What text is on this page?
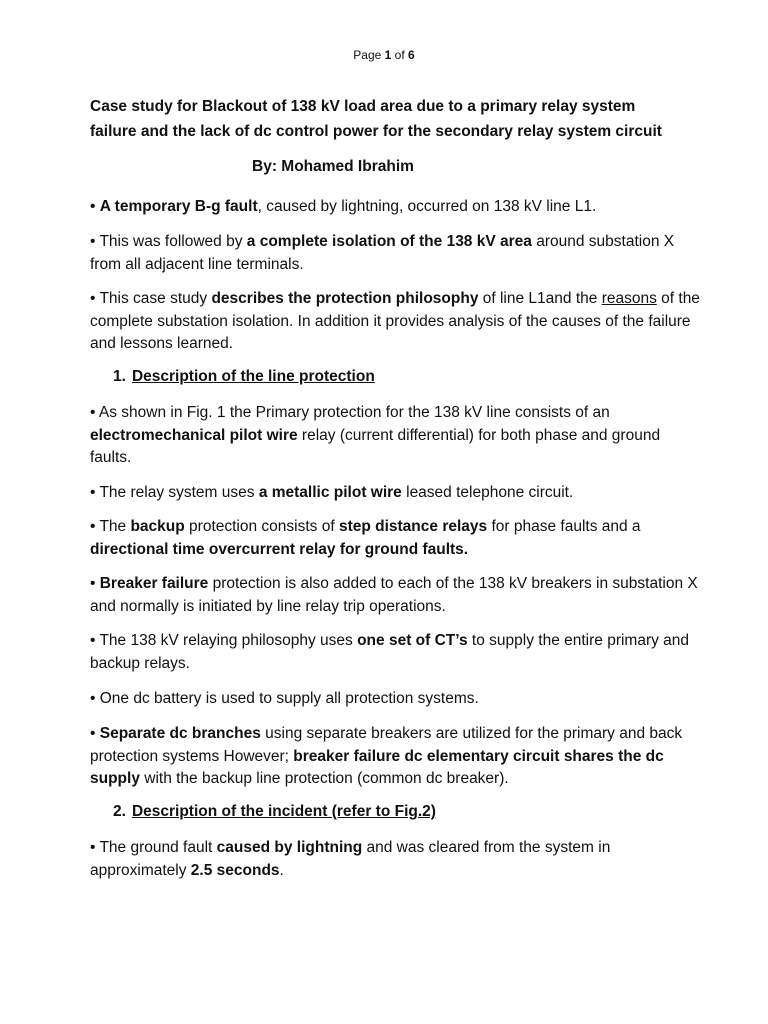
Page 1 of 6
Case study for Blackout of 138 kV load area due to a primary relay system
failure and the lack of dc control power for the secondary relay system circuit
By: Mohamed Ibrahim
• A temporary B-g fault, caused by lightning, occurred on 138 kV line L1.
• This was followed by a complete isolation of the 138 kV area around substation X from all adjacent line terminals.
• This case study describes the protection philosophy of line L1and the reasons of the complete substation isolation. In addition it provides analysis of the causes of the failure and lessons learned.
1. Description of the line protection
• As shown in Fig. 1 the Primary protection for the 138 kV line consists of an electromechanical pilot wire relay (current differential) for both phase and ground faults.
• The relay system uses a metallic pilot wire leased telephone circuit.
• The backup protection consists of step distance relays for phase faults and a directional time overcurrent relay for ground faults.
• Breaker failure protection is also added to each of the 138 kV breakers in substation X and normally is initiated by line relay trip operations.
• The 138 kV relaying philosophy uses one set of CT’s to supply the entire primary and backup relays.
• One dc battery is used to supply all protection systems.
• Separate dc branches using separate breakers are utilized for the primary and back protection systems However; breaker failure dc elementary circuit shares the dc supply with the backup line protection (common dc breaker).
2. Description of the incident (refer to Fig.2)
• The ground fault caused by lightning and was cleared from the system in approximately 2.5 seconds.
